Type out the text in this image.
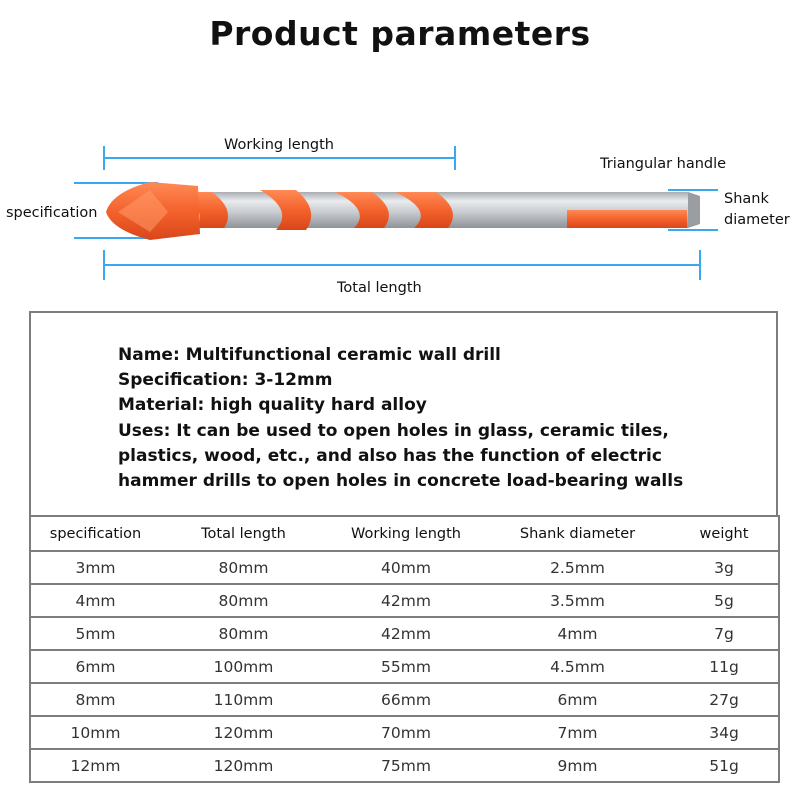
Product parameters
Working length
Triangular handle
specification
Shank
diameter
Total length
Name: Multifunctional ceramic wall drill
Specification: 3-12mm
Material: high quality hard alloy
Uses: It can be used to open holes in glass, ceramic tiles,
plastics, wood, etc., and also has the function of electric
hammer drills to open holes in concrete load-bearing walls
specification	Total length	Working length	Shank diameter	weight
3mm	80mm	40mm	2.5mm	3g
4mm	80mm	42mm	3.5mm	5g
5mm	80mm	42mm	4mm	7g
6mm	100mm	55mm	4.5mm	11g
8mm	110mm	66mm	6mm	27g
10mm	120mm	70mm	7mm	34g
12mm	120mm	75mm	9mm	51g
